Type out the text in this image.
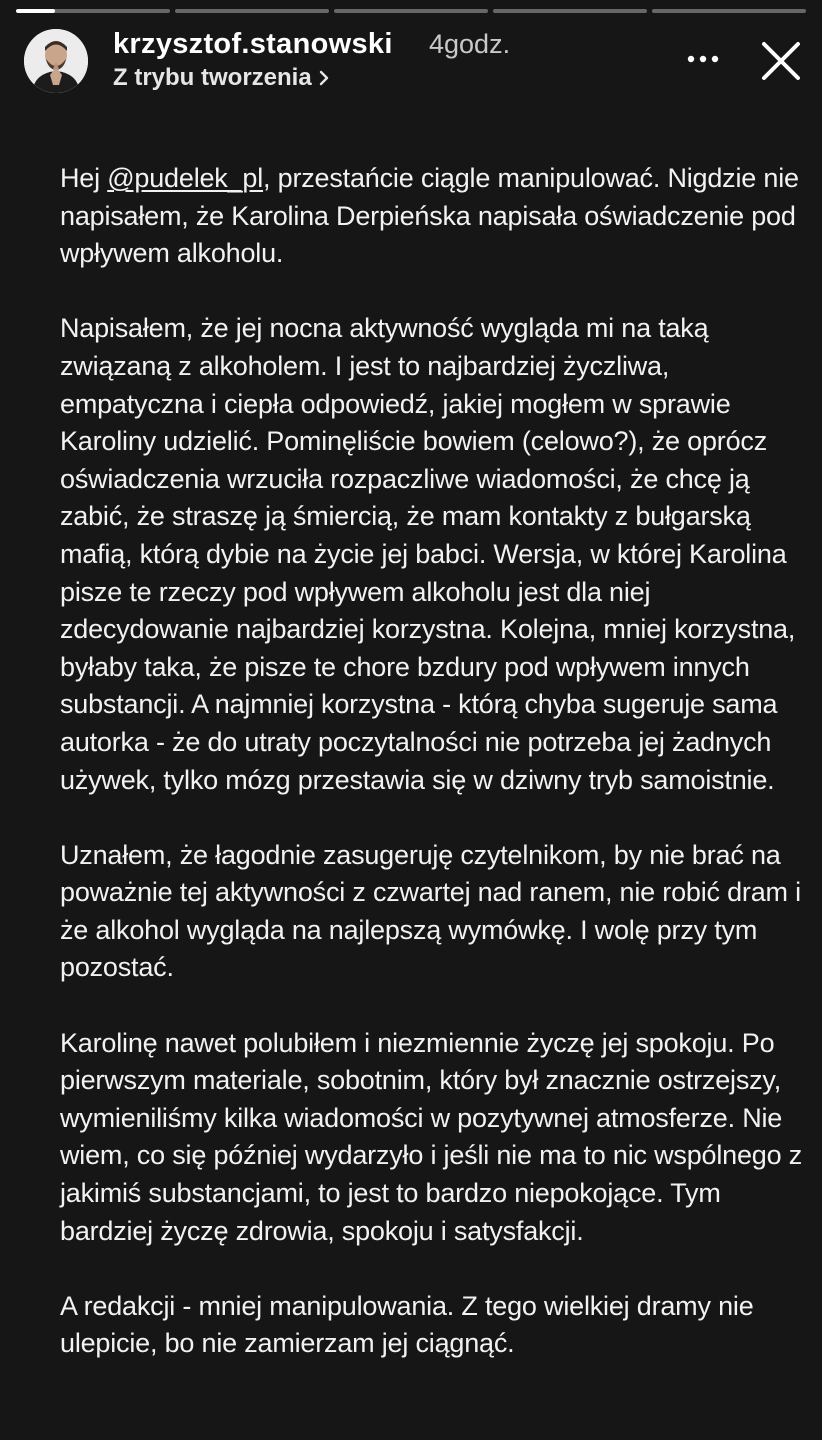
krzysztof.stanowski 4godz.
Z trybu tworzenia
Hej @pudelek_pl, przestańcie ciągle manipulować. Nigdzie nie
napisałem, że Karolina Derpieńska napisała oświadczenie pod
wpływem alkoholu.
Napisałem, że jej nocna aktywność wygląda mi na taką
związaną z alkoholem. I jest to najbardziej życzliwa,
empatyczna i ciepła odpowiedź, jakiej mogłem w sprawie
Karoliny udzielić. Pominęliście bowiem (celowo?), że oprócz
oświadczenia wrzuciła rozpaczliwe wiadomości, że chcę ją
zabić, że straszę ją śmiercią, że mam kontakty z bułgarską
mafią, którą dybie na życie jej babci. Wersja, w której Karolina
pisze te rzeczy pod wpływem alkoholu jest dla niej
zdecydowanie najbardziej korzystna. Kolejna, mniej korzystna,
byłaby taka, że pisze te chore bzdury pod wpływem innych
substancji. A najmniej korzystna - którą chyba sugeruje sama
autorka - że do utraty poczytalności nie potrzeba jej żadnych
używek, tylko mózg przestawia się w dziwny tryb samoistnie.
Uznałem, że łagodnie zasugeruję czytelnikom, by nie brać na
poważnie tej aktywności z czwartej nad ranem, nie robić dram i
że alkohol wygląda na najlepszą wymówkę. I wolę przy tym
pozostać.
Karolinę nawet polubiłem i niezmiennie życzę jej spokoju. Po
pierwszym materiale, sobotnim, który był znacznie ostrzejszy,
wymieniliśmy kilka wiadomości w pozytywnej atmosferze. Nie
wiem, co się później wydarzyło i jeśli nie ma to nic wspólnego z
jakimiś substancjami, to jest to bardzo niepokojące. Tym
bardziej życzę zdrowia, spokoju i satysfakcji.
A redakcji - mniej manipulowania. Z tego wielkiej dramy nie
ulepicie, bo nie zamierzam jej ciągnąć.
